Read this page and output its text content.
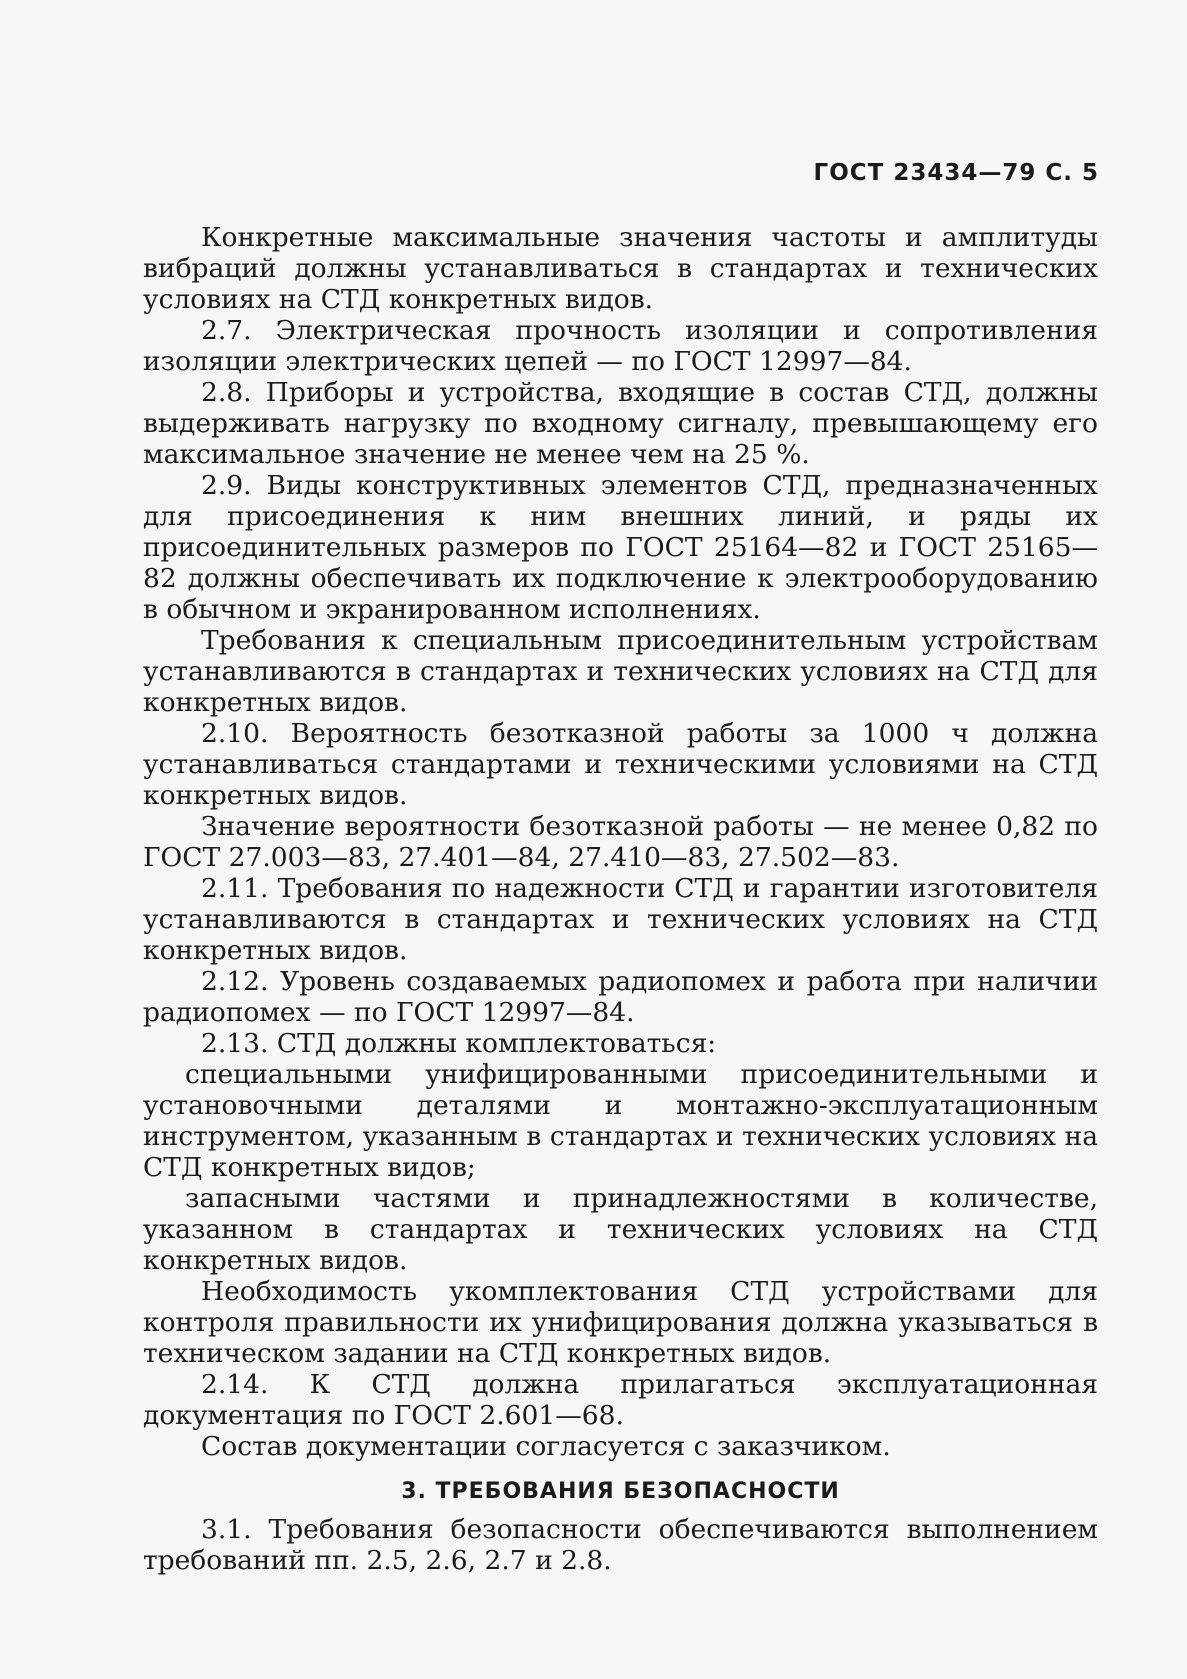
ГОСТ 23434—79 С. 5

Конкретные максимальные значения частоты и амплитуды вибраций должны устанавливаться в стандартах и технических условиях на СТД конкретных видов.

2.7. Электрическая прочность изоляции и сопротивления изоляции электрических цепей — по ГОСТ 12997—84.

2.8. Приборы и устройства, входящие в состав СТД, должны выдерживать нагрузку по входному сигналу, превышающему его максимальное значение не менее чем на 25 %.

2.9. Виды конструктивных элементов СТД, предназначенных для присоединения к ним внешних линий, и ряды их присоединительных размеров по ГОСТ 25164—82 и ГОСТ 25165—82 должны обеспечивать их подключение к электрооборудованию в обычном и экранированном исполнениях.

Требования к специальным присоединительным устройствам устанавливаются в стандартах и технических условиях на СТД для конкретных видов.

2.10. Вероятность безотказной работы за 1000 ч должна устанавливаться стандартами и техническими условиями на СТД конкретных видов.

Значение вероятности безотказной работы — не менее 0,82 по ГОСТ 27.003—83, 27.401—84, 27.410—83, 27.502—83.

2.11. Требования по надежности СТД и гарантии изготовителя устанавливаются в стандартах и технических условиях на СТД конкретных видов.

2.12. Уровень создаваемых радиопомех и работа при наличии радиопомех — по ГОСТ 12997—84.

2.13. СТД должны комплектоваться:

специальными унифицированными присоединительными и установочными деталями и монтажно-эксплуатационным инструментом, указанным в стандартах и технических условиях на СТД конкретных видов;

запасными частями и принадлежностями в количестве, указанном в стандартах и технических условиях на СТД конкретных видов.

Необходимость укомплектования СТД устройствами для контроля правильности их унифицирования должна указываться в техническом задании на СТД конкретных видов.

2.14. К СТД должна прилагаться эксплуатационная документация по ГОСТ 2.601—68.

Состав документации согласуется с заказчиком.

3. ТРЕБОВАНИЯ БЕЗОПАСНОСТИ

3.1. Требования безопасности обеспечиваются выполнением требований пп. 2.5, 2.6, 2.7 и 2.8.
